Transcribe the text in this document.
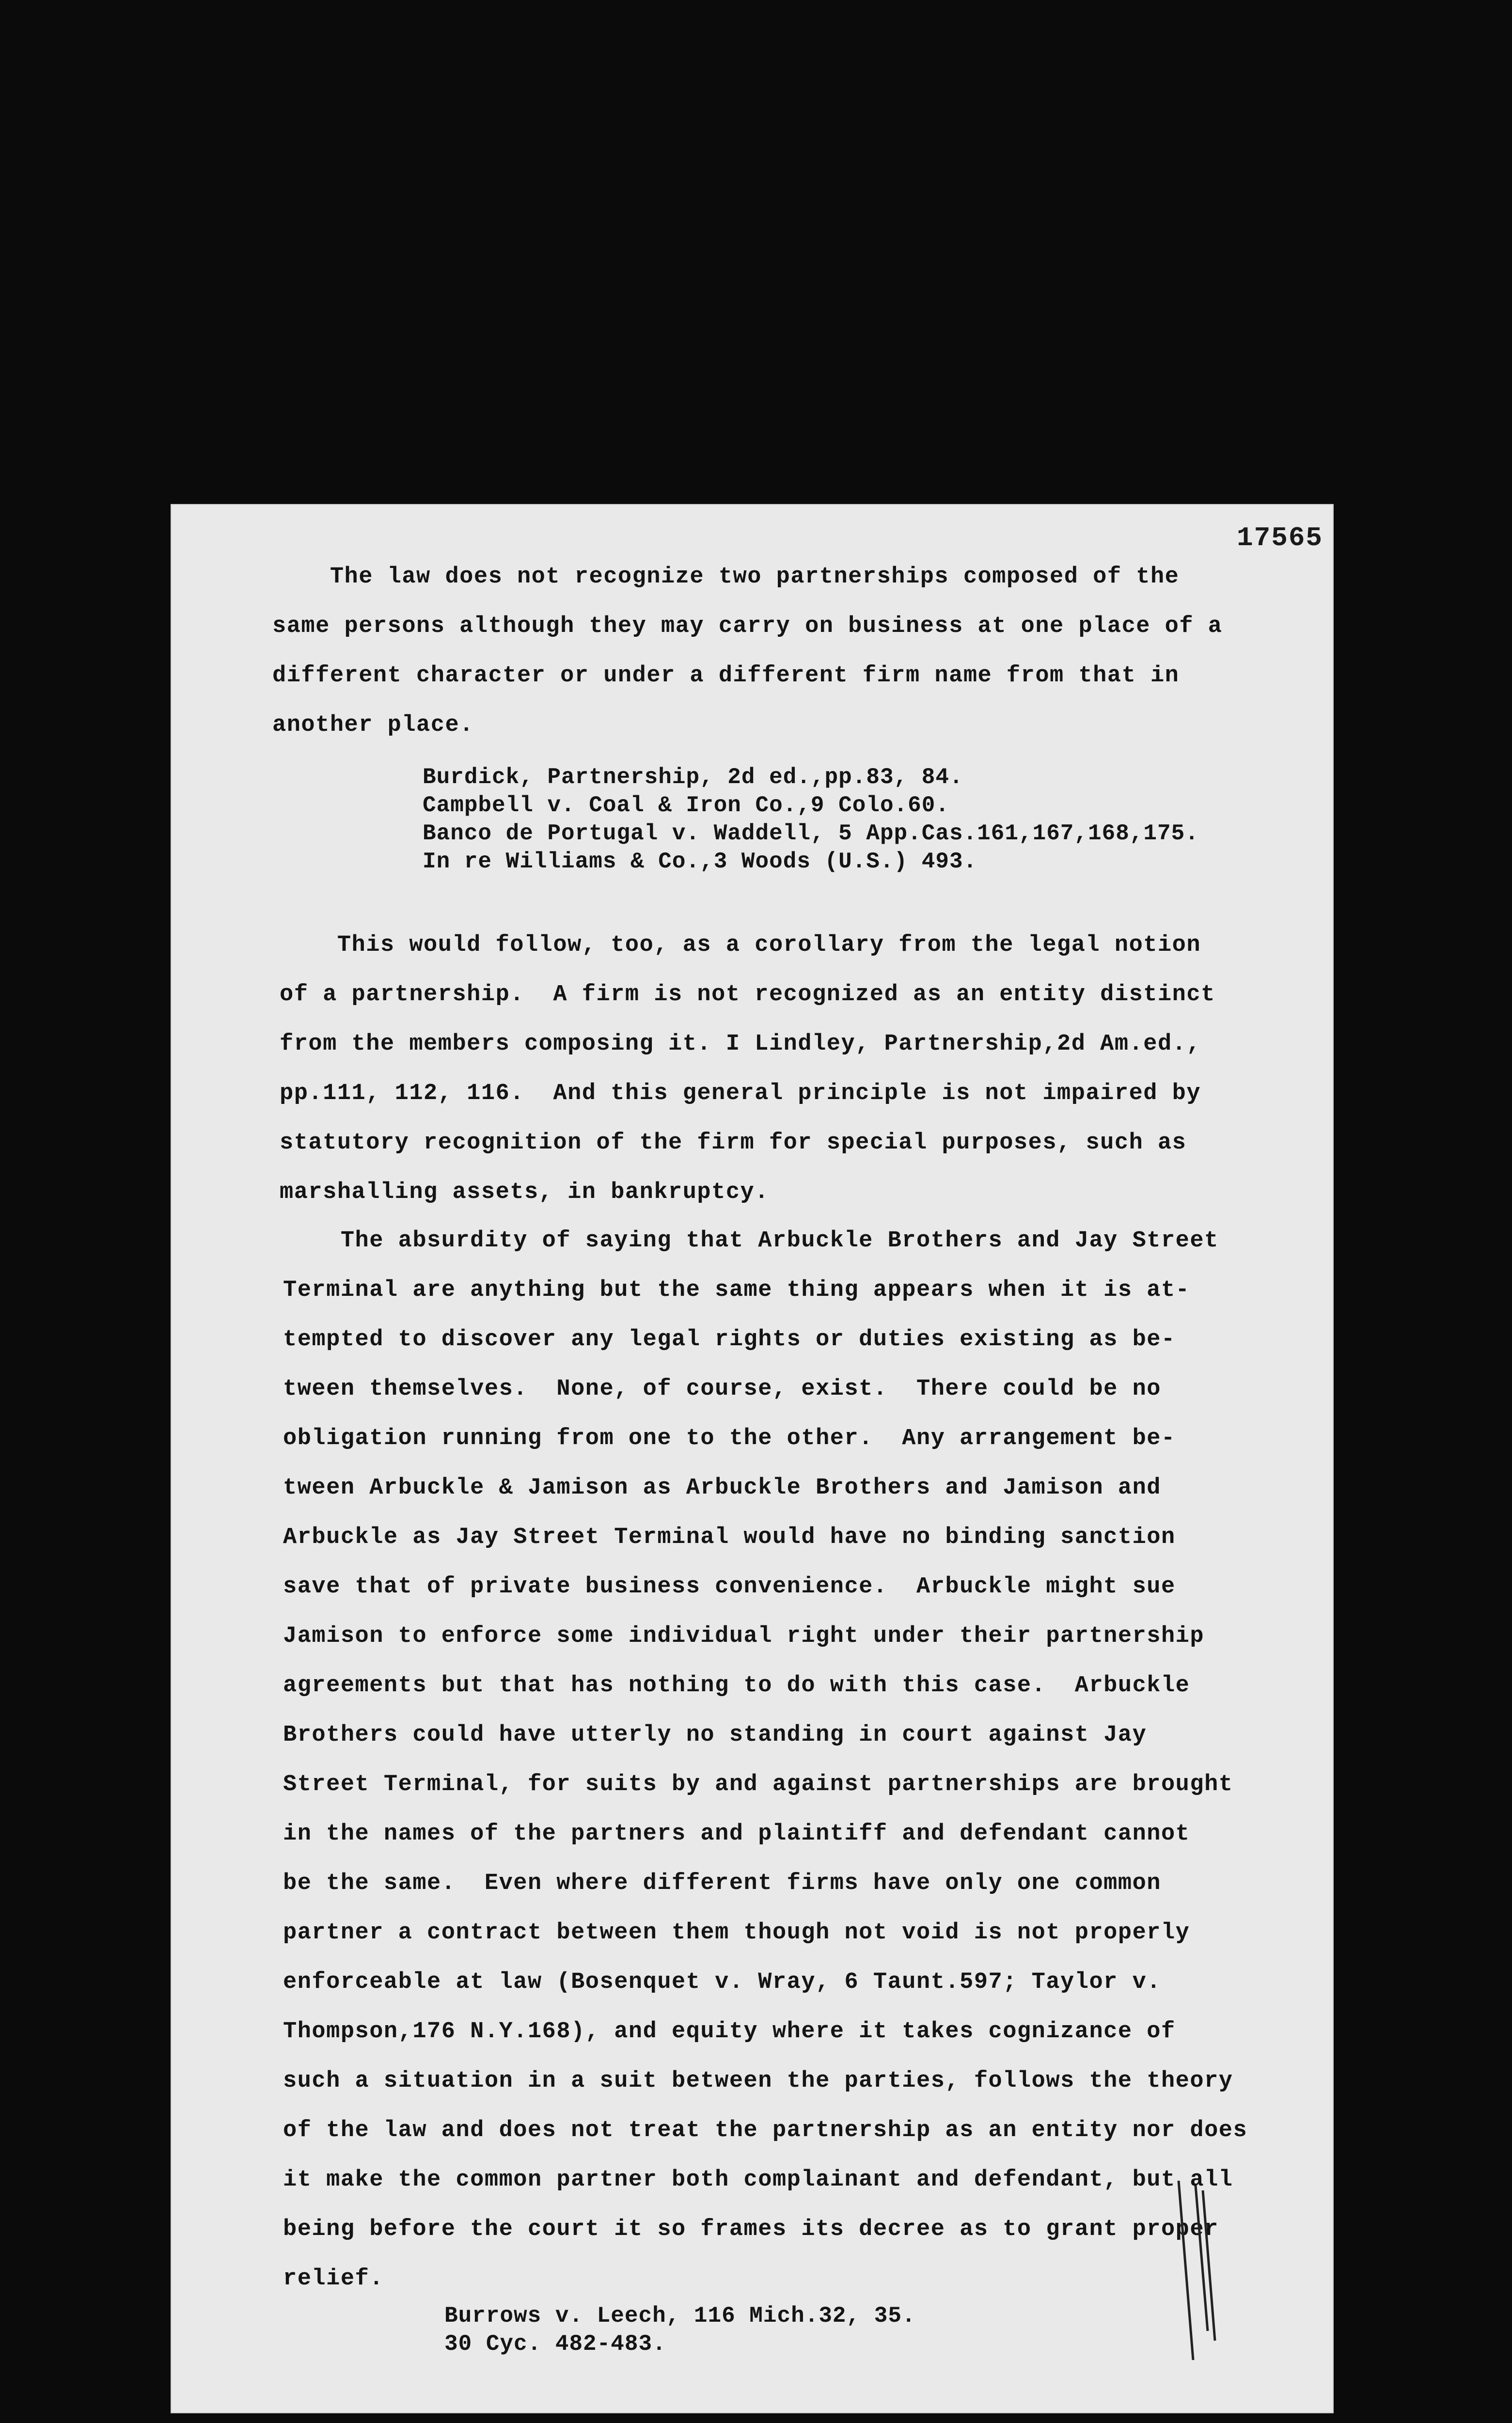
17565

The law does not recognize two partnerships composed of the
same persons although they may carry on business at one place of a
different character or under a different firm name from that in
another place.

Burdick, Partnership, 2d ed.,pp.83, 84.
Campbell v. Coal & Iron Co.,9 Colo.60.
Banco de Portugal v. Waddell, 5 App.Cas.161,167,168,175.
In re Williams & Co.,3 Woods (U.S.) 493.

This would follow, too, as a corollary from the legal notion
of a partnership.  A firm is not recognized as an entity distinct
from the members composing it. I Lindley, Partnership,2d Am.ed.,
pp.111, 112, 116.  And this general principle is not impaired by
statutory recognition of the firm for special purposes, such as
marshalling assets, in bankruptcy.

The absurdity of saying that Arbuckle Brothers and Jay Street
Terminal are anything but the same thing appears when it is at-
tempted to discover any legal rights or duties existing as be-
tween themselves.  None, of course, exist.  There could be no
obligation running from one to the other.  Any arrangement be-
tween Arbuckle & Jamison as Arbuckle Brothers and Jamison and
Arbuckle as Jay Street Terminal would have no binding sanction
save that of private business convenience.  Arbuckle might sue
Jamison to enforce some individual right under their partnership
agreements but that has nothing to do with this case.  Arbuckle
Brothers could have utterly no standing in court against Jay
Street Terminal, for suits by and against partnerships are brought
in the names of the partners and plaintiff and defendant cannot
be the same.  Even where different firms have only one common
partner a contract between them though not void is not properly
enforceable at law (Bosenquet v. Wray, 6 Taunt.597; Taylor v.
Thompson,176 N.Y.168), and equity where it takes cognizance of
such a situation in a suit between the parties, follows the theory
of the law and does not treat the partnership as an entity nor does
it make the common partner both complainant and defendant, but all
being before the court it so frames its decree as to grant proper
relief.

Burrows v. Leech, 116 Mich.32, 35.
30 Cyc. 482-483.
